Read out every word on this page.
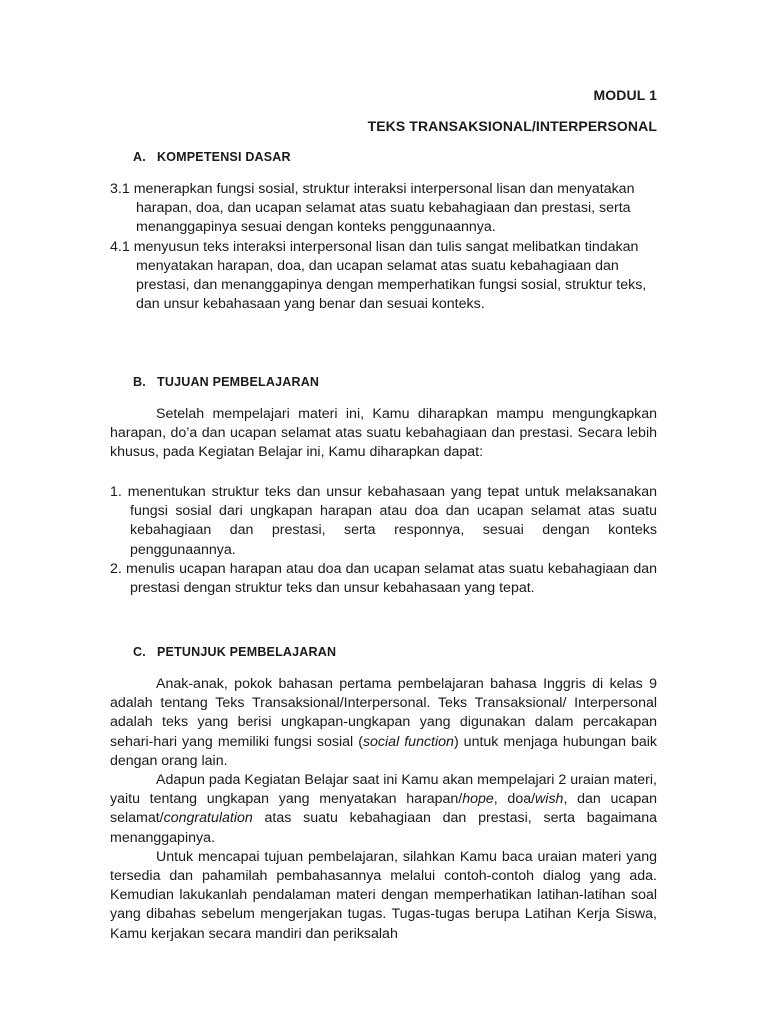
MODUL 1
TEKS TRANSAKSIONAL/INTERPERSONAL
A. KOMPETENSI DASAR

3.1 menerapkan fungsi sosial, struktur interaksi interpersonal lisan dan menyatakan harapan, doa, dan ucapan selamat atas suatu kebahagiaan dan prestasi, serta menanggapinya sesuai dengan konteks penggunaannya.

4.1 menyusun teks interaksi interpersonal lisan dan tulis sangat melibatkan tindakan menyatakan harapan, doa, dan ucapan selamat atas suatu kebahagiaan dan prestasi, dan menanggapinya dengan memperhatikan fungsi sosial, struktur teks, dan unsur kebahasaan yang benar dan sesuai konteks.

B. TUJUAN PEMBELAJARAN

Setelah mempelajari materi ini, Kamu diharapkan mampu mengungkapkan harapan, do’a dan ucapan selamat atas suatu kebahagiaan dan prestasi. Secara lebih khusus, pada Kegiatan Belajar ini, Kamu diharapkan dapat:

1. menentukan struktur teks dan unsur kebahasaan yang tepat untuk melaksanakan fungsi sosial dari ungkapan harapan atau doa dan ucapan selamat atas suatu kebahagiaan dan prestasi, serta responnya, sesuai dengan konteks penggunaannya.

2. menulis ucapan harapan atau doa dan ucapan selamat atas suatu kebahagiaan dan prestasi dengan struktur teks dan unsur kebahasaan yang tepat.

C. PETUNJUK PEMBELAJARAN

Anak-anak, pokok bahasan pertama pembelajaran bahasa Inggris di kelas 9 adalah tentang Teks Transaksional/Interpersonal. Teks Transaksional/ Interpersonal adalah teks yang berisi ungkapan-ungkapan yang digunakan dalam percakapan sehari-hari yang memiliki fungsi sosial (social function) untuk menjaga hubungan baik dengan orang lain.

Adapun pada Kegiatan Belajar saat ini Kamu akan mempelajari 2 uraian materi, yaitu tentang ungkapan yang menyatakan harapan/hope, doa/wish, dan ucapan selamat/congratulation atas suatu kebahagiaan dan prestasi, serta bagaimana menanggapinya.

Untuk mencapai tujuan pembelajaran, silahkan Kamu baca uraian materi yang tersedia dan pahamilah pembahasannya melalui contoh-contoh dialog yang ada. Kemudian lakukanlah pendalaman materi dengan memperhatikan latihan-latihan soal yang dibahas sebelum mengerjakan tugas. Tugas-tugas berupa Latihan Kerja Siswa, Kamu kerjakan secara mandiri dan periksalah
